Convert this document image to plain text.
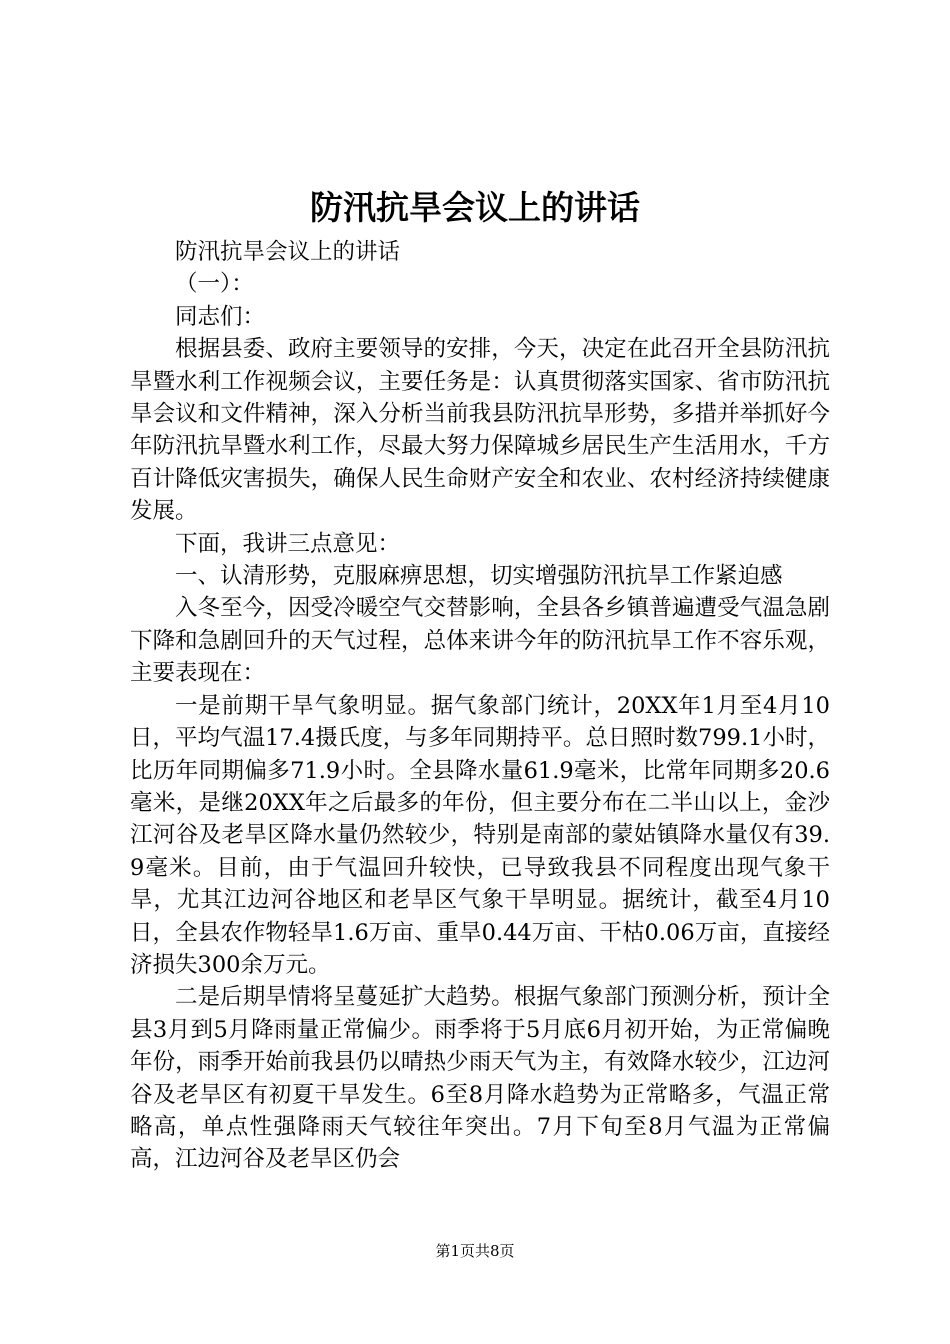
防汛抗旱会议上的讲话

防汛抗旱会议上的讲话

（一）：

同志们：

根据县委、政府主要领导的安排，今天，决定在此召开全县防汛抗旱暨水利工作视频会议，主要任务是：认真贯彻落实国家、省市防汛抗旱会议和文件精神，深入分析当前我县防汛抗旱形势，多措并举抓好今年防汛抗旱暨水利工作，尽最大努力保障城乡居民生产生活用水，千方百计降低灾害损失，确保人民生命财产安全和农业、农村经济持续健康发展。

下面，我讲三点意见：

一、认清形势，克服麻痹思想，切实增强防汛抗旱工作紧迫感

入冬至今，因受冷暖空气交替影响，全县各乡镇普遍遭受气温急剧下降和急剧回升的天气过程，总体来讲今年的防汛抗旱工作不容乐观，主要表现在：

一是前期干旱气象明显。据气象部门统计，20XX年1月至4月10日，平均气温17.4摄氏度，与多年同期持平。总日照时数799.1小时，比历年同期偏多71.9小时。全县降水量61.9毫米，比常年同期多20.6毫米，是继20XX年之后最多的年份，但主要分布在二半山以上，金沙江河谷及老旱区降水量仍然较少，特别是南部的蒙姑镇降水量仅有39.9毫米。目前，由于气温回升较快，已导致我县不同程度出现气象干旱，尤其江边河谷地区和老旱区气象干旱明显。据统计，截至4月10日，全县农作物轻旱1.6万亩、重旱0.44万亩、干枯0.06万亩，直接经济损失300余万元。

二是后期旱情将呈蔓延扩大趋势。根据气象部门预测分析，预计全县3月到5月降雨量正常偏少。雨季将于5月底6月初开始，为正常偏晚年份，雨季开始前我县仍以晴热少雨天气为主，有效降水较少，江边河谷及老旱区有初夏干旱发生。6至8月降水趋势为正常略多，气温正常略高，单点性强降雨天气较往年突出。7月下旬至8月气温为正常偏高，江边河谷及老旱区仍会

第1页共8页
